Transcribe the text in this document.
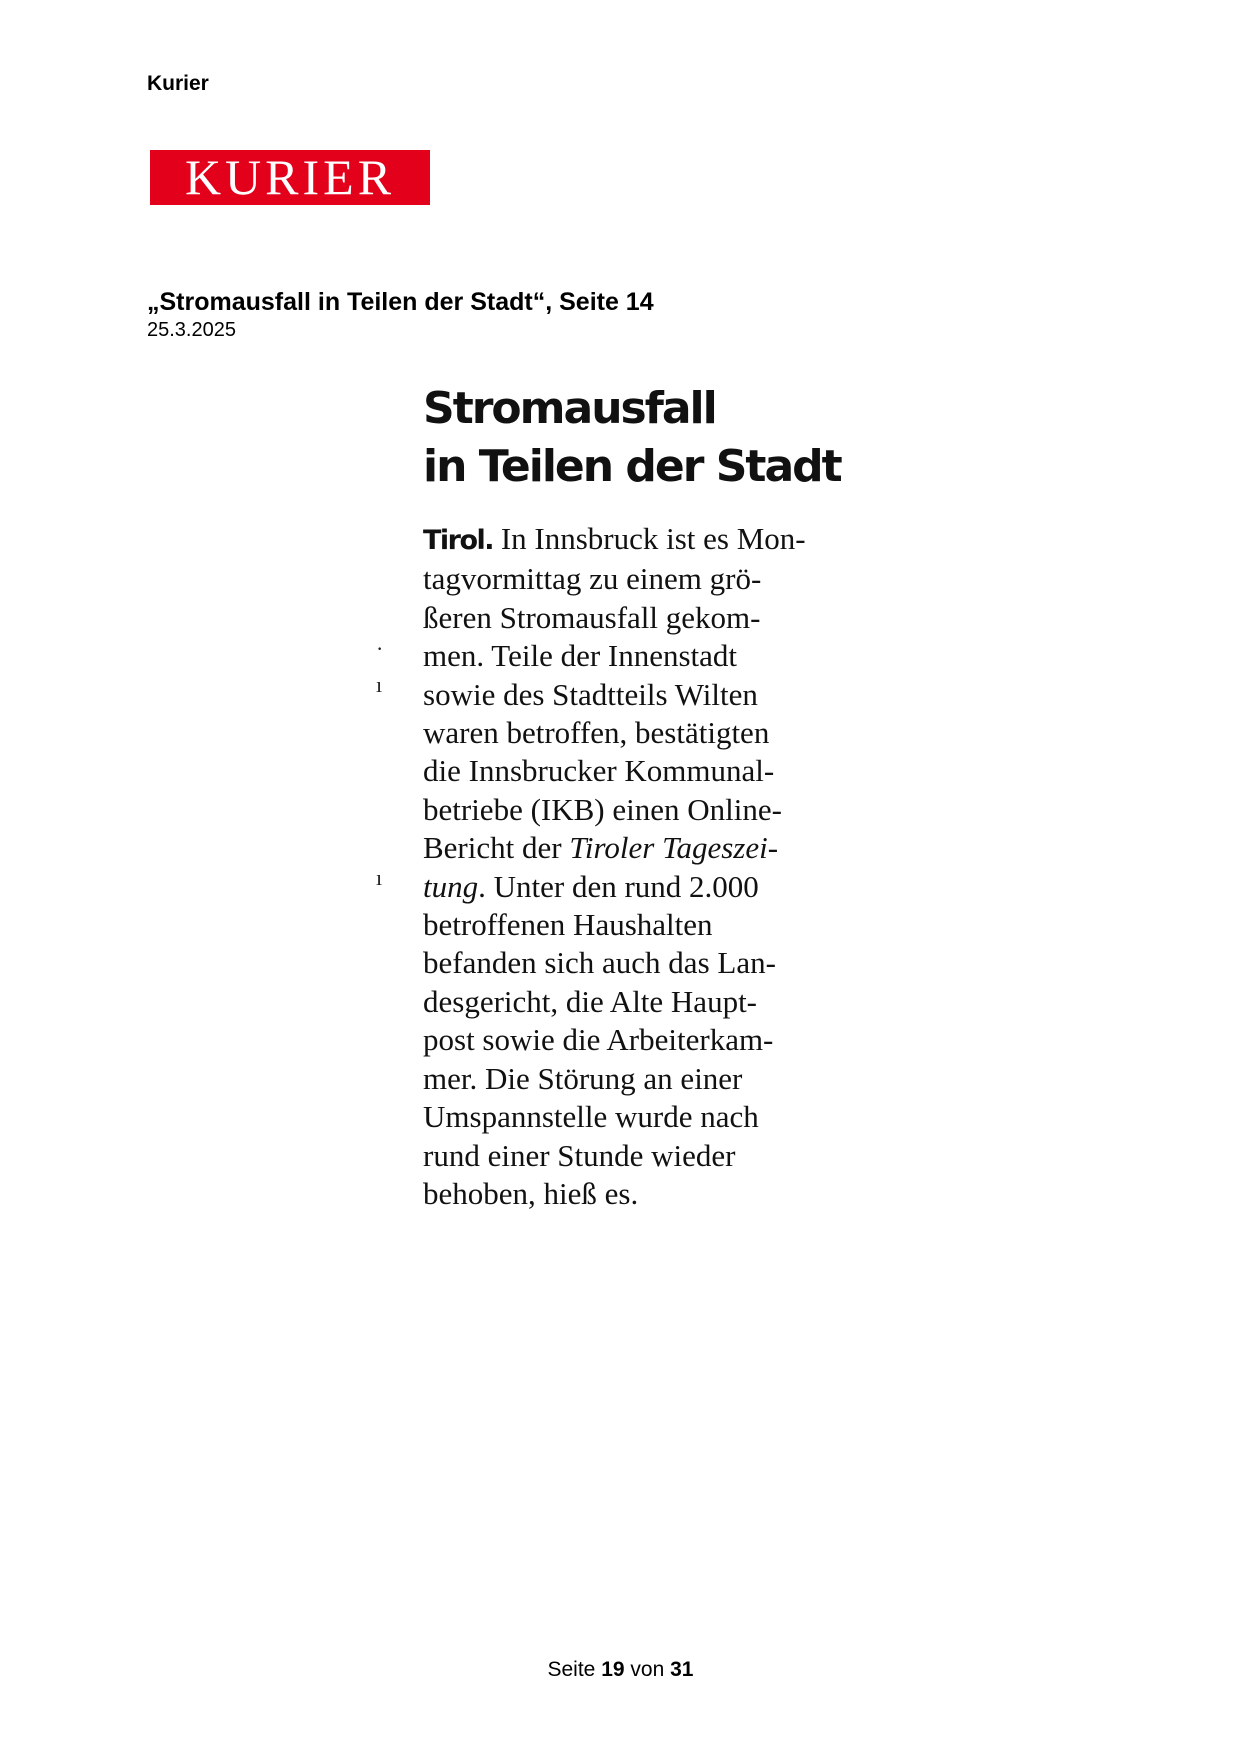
Kurier
KURIER
„Stromausfall in Teilen der Stadt“, Seite 14
25.3.2025
·
ı
ı
Stromausfall
in Teilen der Stadt
Tirol. In Innsbruck ist es Mon-
tagvormittag zu einem grö-
ßeren Stromausfall gekom-
men. Teile der Innenstadt
sowie des Stadtteils Wilten
waren betroffen, bestätigten
die Innsbrucker Kommunal-
betriebe (IKB) einen Online-
Bericht der Tiroler Tageszei-
tung. Unter den rund 2.000
betroffenen Haushalten
befanden sich auch das Lan-
desgericht, die Alte Haupt-
post sowie die Arbeiterkam-
mer. Die Störung an einer
Umspannstelle wurde nach
rund einer Stunde wieder
behoben, hieß es.
Seite 19 von 31
